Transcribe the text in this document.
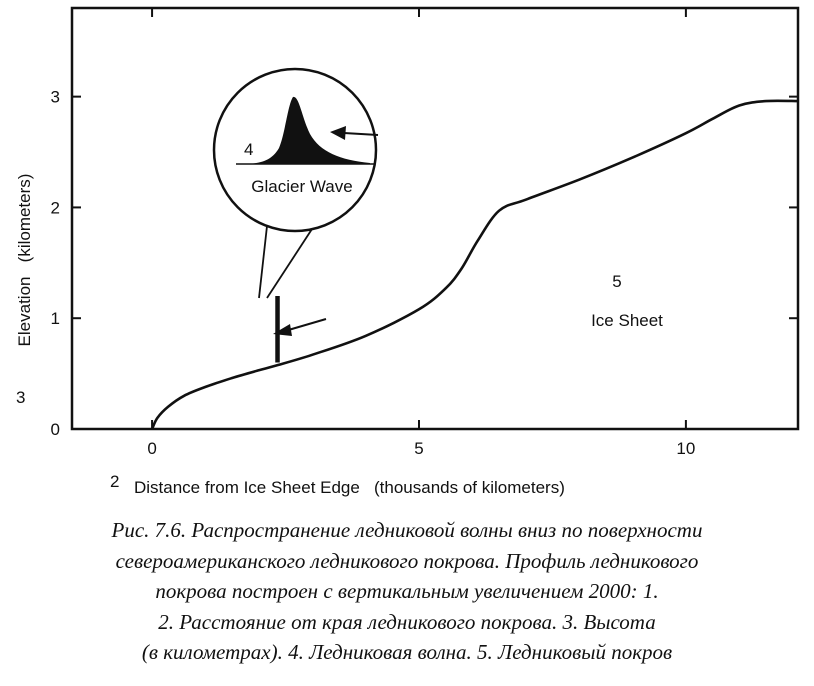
0	5	10
0
1
2
3
4
Glacier Wave
5
Ice Sheet
Elevation   (kilometers)
3
2 Distance from Ice Sheet Edge   (thousands of kilometers)
Рис. 7.6. Распространение ледниковой волны вниз по поверхности
североамериканского ледникового покрова. Профиль ледникового
покрова построен с вертикальным увеличением 2000: 1.
2. Расстояние от края ледникового покрова. 3. Высота
(в километрах). 4. Ледниковая волна. 5. Ледниковый покров
